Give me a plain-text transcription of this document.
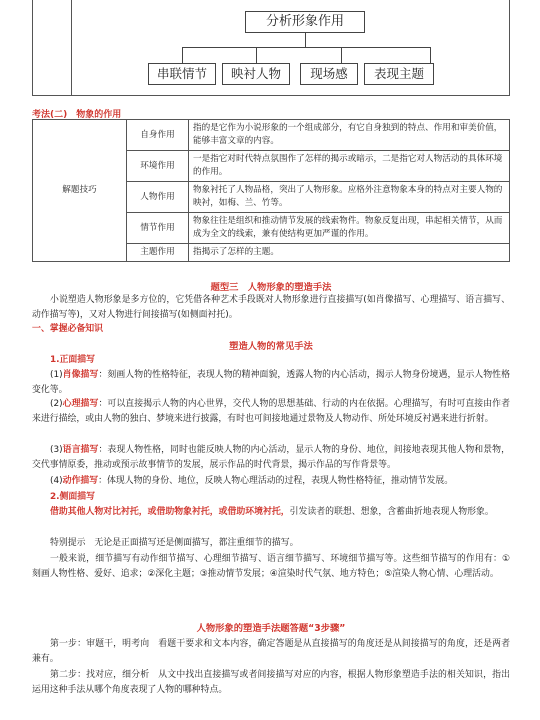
分析形象作用
串联情节	映衬人物	现场感	表现主题
考法(二)　物象的作用
解题技巧	自身作用	指的是它作为小说形象的一个组成部分，有它自身独到的特点、作用和审美价值，能够丰富文章的内容。
	环境作用	一是指它对时代特点氛围作了怎样的揭示或暗示，二是指它对人物活动的具体环境的作用。
	人物作用	物象衬托了人物品格，突出了人物形象。应格外注意物象本身的特点对主要人物的映衬，如梅、兰、竹等。
	情节作用	物象往往是组织和推动情节发展的线索物件。物象反复出现，串起相关情节，从而成为全文的线索，兼有使结构更加严谨的作用。
	主题作用	指揭示了怎样的主题。
题型三　人物形象的塑造手法
小说塑造人物形象是多方位的，它凭借各种艺术手段既对人物形象进行直接描写(如肖像描写、心理描写、语言描写、动作描写等)，又对人物进行间接描写(如侧面衬托)。
一、掌握必备知识
塑造人物的常见手法
1.正面描写
(1)肖像描写：刻画人物的性格特征，表现人物的精神面貌，透露人物的内心活动，揭示人物身份境遇，显示人物性格变化等。
(2)心理描写：可以直接揭示人物的内心世界，交代人物的思想基础、行动的内在依据。心理描写，有时可直接由作者来进行描绘，或由人物的独白、梦境来进行披露，有时也可间接地通过景物及人物动作、所处环境反衬遇来进行折射。
(3)语言描写：表现人物性格，同时也能反映人物的内心活动，显示人物的身份、地位，间接地表现其他人物和景物，交代事情原委，推动或预示故事情节的发展，展示作品的时代背景，揭示作品的写作背景等。
(4)动作描写：体现人物的身份、地位，反映人物心理活动的过程，表现人物性格特征，推动情节发展。
2.侧面描写
借助其他人物对比衬托，或借助物象衬托，或借助环境衬托，引发读者的联想、想象，含蓄曲折地表现人物形象。
特别提示　无论是正面描写还是侧面描写，都注重细节的描写。
一般来说，细节描写有动作细节描写、心理细节描写、语言细节描写、环境细节描写等。这些细节描写的作用有：①刻画人物性格、爱好、追求；②深化主题；③推动情节发展；④渲染时代气氛、地方特色；⑤渲染人物心情、心理活动。
人物形象的塑造手法题答题“3步骤”
第一步：审题干，明考向　看题干要求和文本内容，确定答题是从直接描写的角度还是从间接描写的角度，还是两者兼有。
第二步：找对应，细分析　从文中找出直接描写或者间接描写对应的内容，根据人物形象塑造手法的相关知识，指出运用这种手法从哪个角度表现了人物的哪种特点。
